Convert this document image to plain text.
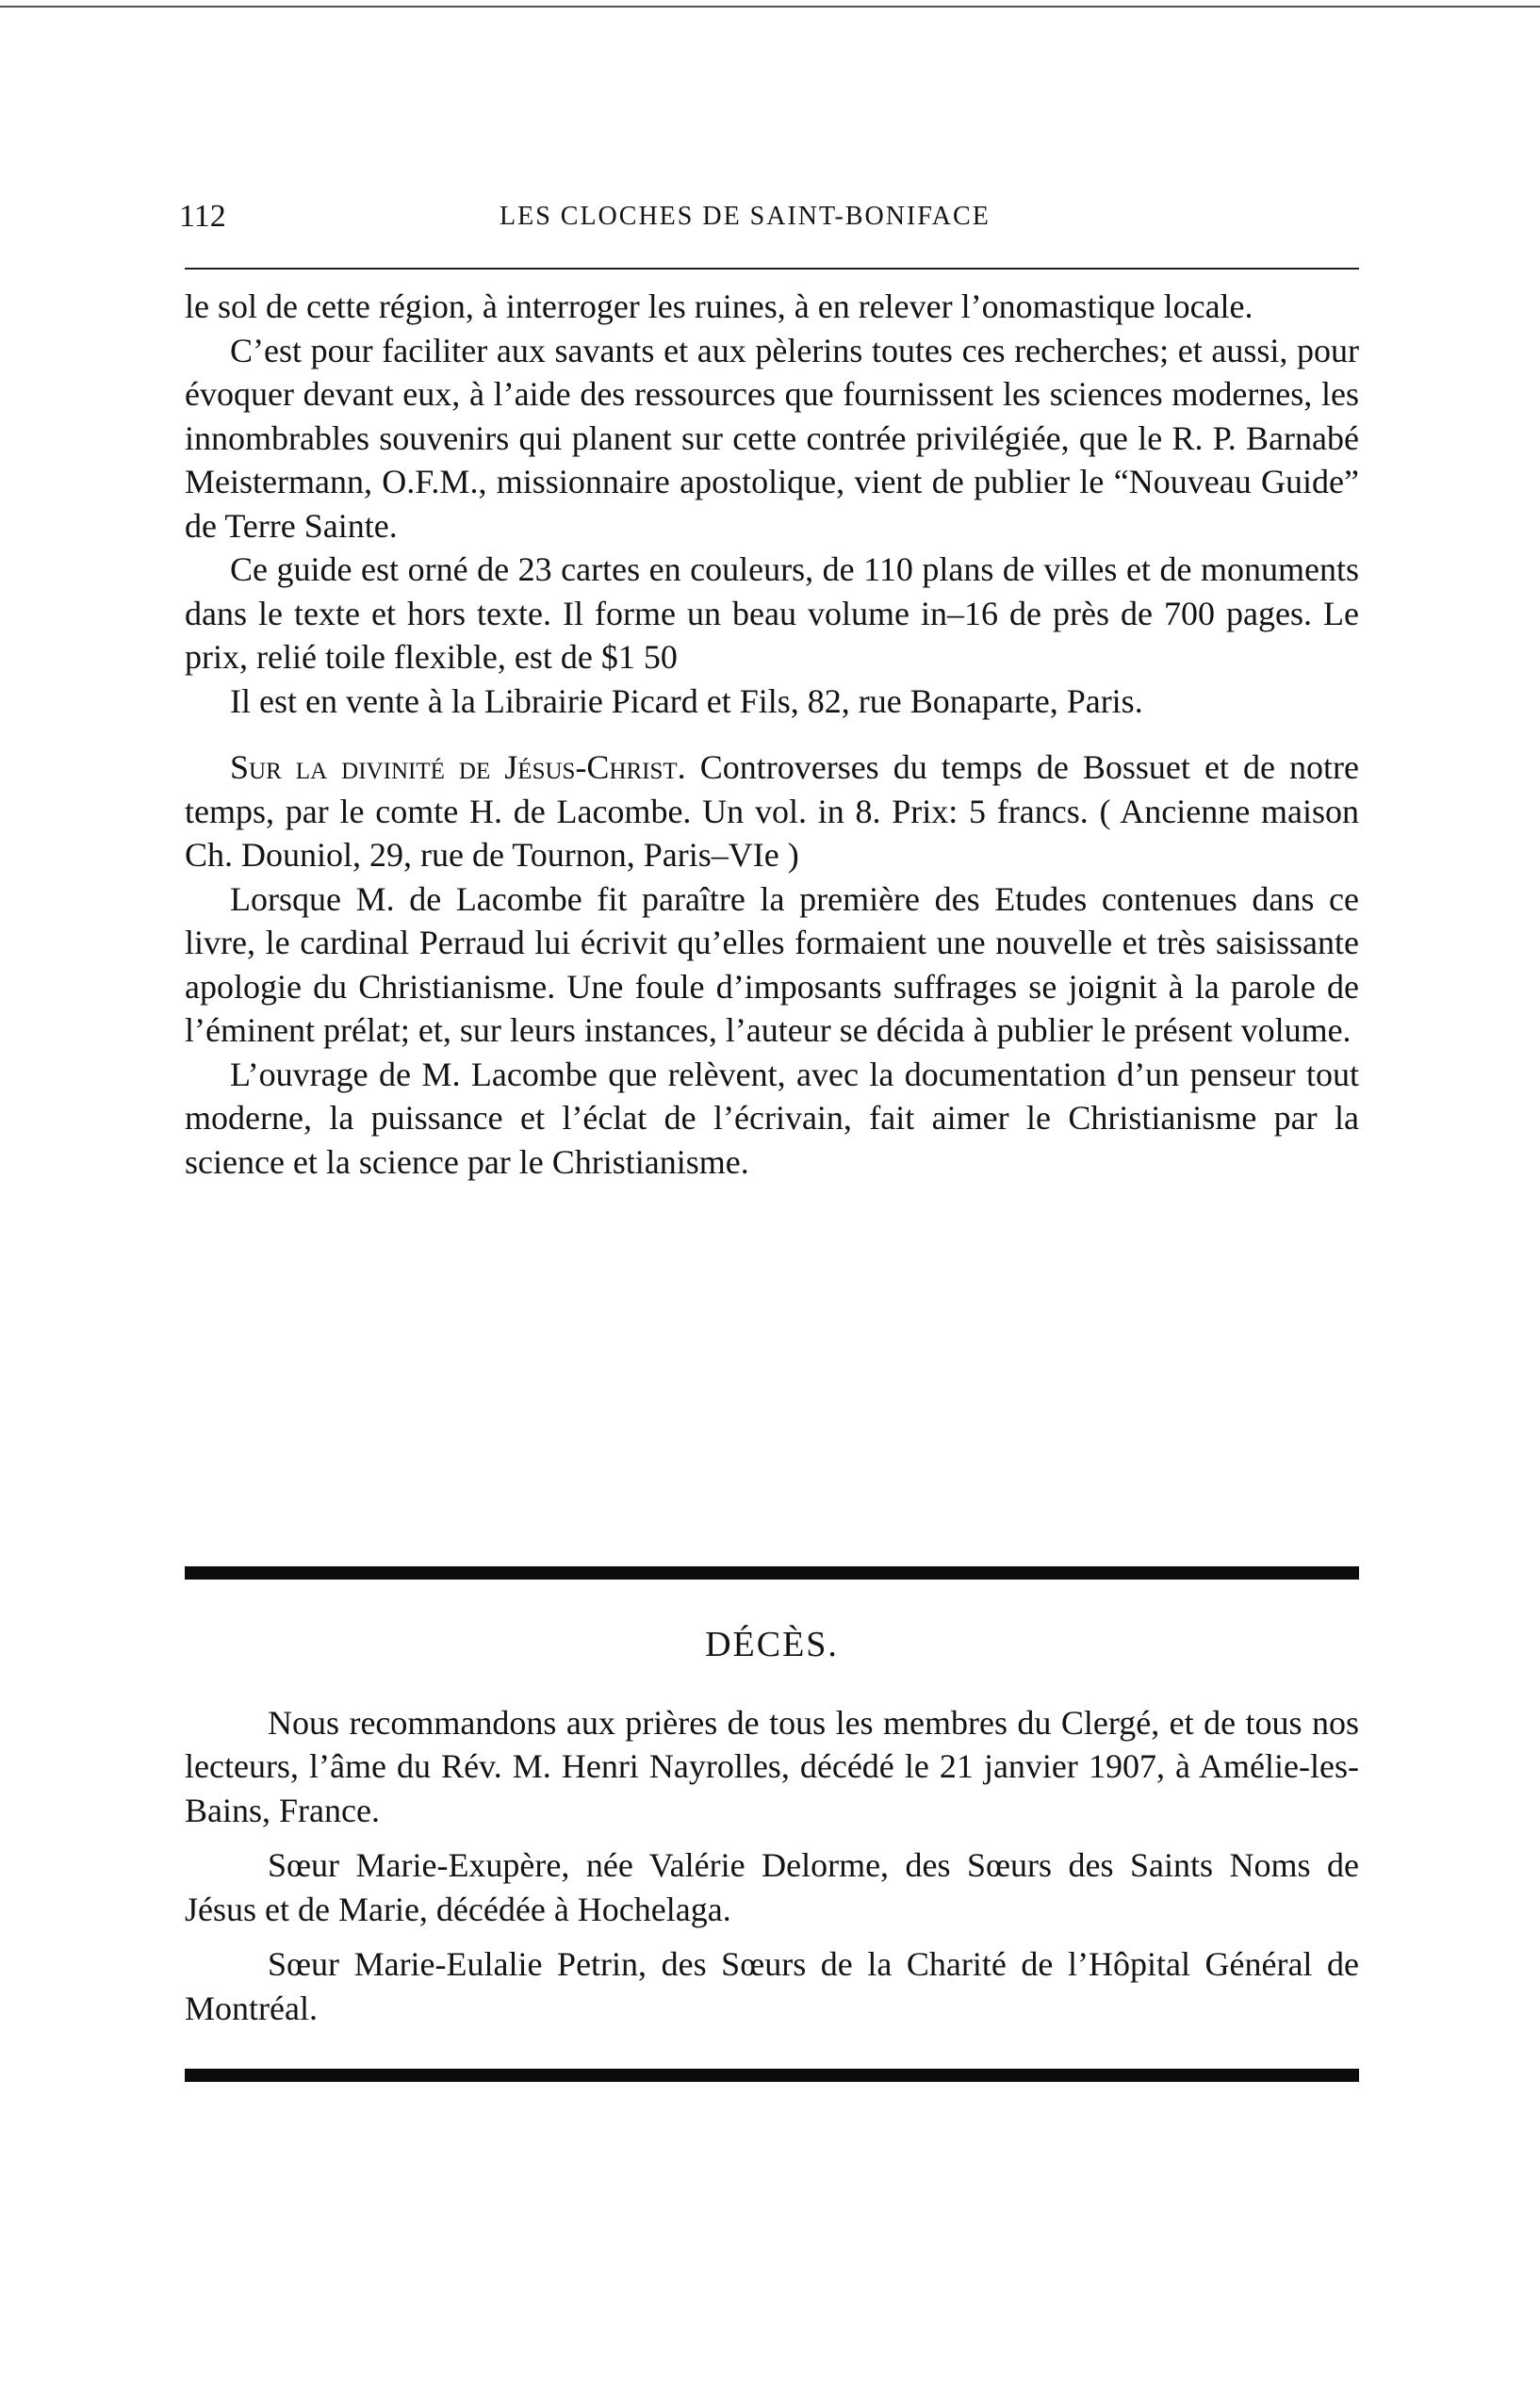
112	LES CLOCHES DE SAINT-BONIFACE

le sol de cette région, à interroger les ruines, à en relever l’onomastique locale.

C’est pour faciliter aux savants et aux pèlerins toutes ces recherches; et aussi, pour évoquer devant eux, à l’aide des ressources que fournissent les sciences modernes, les innombrables souvenirs qui planent sur cette contrée privilégiée, que le R. P. Barnabé Meistermann, O.F.M., missionnaire apostolique, vient de publier le “Nouveau Guide” de Terre Sainte.

Ce guide est orné de 23 cartes en couleurs, de 110 plans de villes et de monuments dans le texte et hors texte. Il forme un beau volume in–16 de près de 700 pages. Le prix, relié toile flexible, est de $1 50

Il est en vente à la Librairie Picard et Fils, 82, rue Bonaparte, Paris.

Sur la divinité de Jésus-Christ. Controverses du temps de Bossuet et de notre temps, par le comte H. de Lacombe. Un vol. in 8. Prix: 5 francs. ( Ancienne maison Ch. Douniol, 29, rue de Tournon, Paris–VIe )

Lorsque M. de Lacombe fit paraître la première des Etudes contenues dans ce livre, le cardinal Perraud lui écrivit qu’elles formaient une nouvelle et très saisissante apologie du Christianisme. Une foule d’imposants suffrages se joignit à la parole de l’éminent prélat; et, sur leurs instances, l’auteur se décida à publier le présent volume.

L’ouvrage de M. Lacombe que relèvent, avec la documentation d’un penseur tout moderne, la puissance et l’éclat de l’écrivain, fait aimer le Christianisme par la science et la science par le Christianisme.

DÉCÈS.

Nous recommandons aux prières de tous les membres du Clergé, et de tous nos lecteurs, l’âme du Rév. M. Henri Nayrolles, décédé le 21 janvier 1907, à Amélie-les-Bains, France.

Sœur Marie-Exupère, née Valérie Delorme, des Sœurs des Saints Noms de Jésus et de Marie, décédée à Hochelaga.

Sœur Marie-Eulalie Petrin, des Sœurs de la Charité de l’Hôpital Général de Montréal.
